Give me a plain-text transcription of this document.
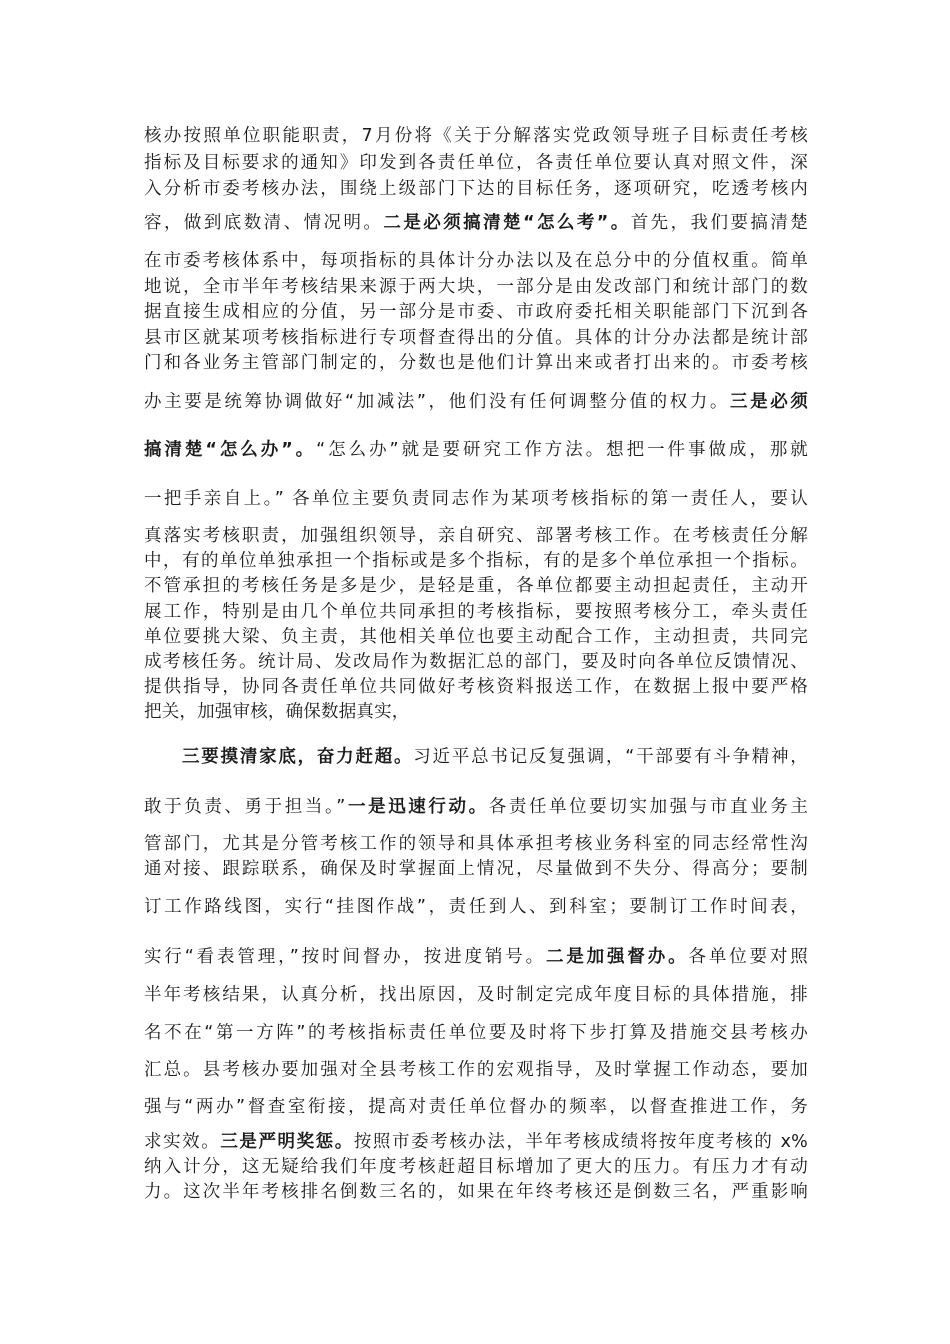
核办按照单位职能职责，7月份将《关于分解落实党政领导班子目标责任考核
指标及目标要求的通知》印发到各责任单位，各责任单位要认真对照文件，深
入分析市委考核办法，围绕上级部门下达的目标任务，逐项研究，吃透考核内
容，做到底数清、情况明。二是必须搞清楚“怎么考”。首先，我们要搞清楚
在市委考核体系中，每项指标的具体计分办法以及在总分中的分值权重。简单
地说，全市半年考核结果来源于两大块，一部分是由发改部门和统计部门的数
据直接生成相应的分值，另一部分是市委、市政府委托相关职能部门下沉到各
县市区就某项考核指标进行专项督查得出的分值。具体的计分办法都是统计部
门和各业务主管部门制定的，分数也是他们计算出来或者打出来的。市委考核
办主要是统筹协调做好“加减法”，他们没有任何调整分值的权力。三是必须
搞清楚“怎么办”。“怎么办”就是要研究工作方法。想把一件事做成，那就
一把手亲自上。” 各单位主要负责同志作为某项考核指标的第一责任人，要认
真落实考核职责，加强组织领导，亲自研究、部署考核工作。在考核责任分解
中，有的单位单独承担一个指标或是多个指标，有的是多个单位承担一个指标。
不管承担的考核任务是多是少，是轻是重，各单位都要主动担起责任，主动开
展工作，特别是由几个单位共同承担的考核指标，要按照考核分工，牵头责任
单位要挑大梁、负主责，其他相关单位也要主动配合工作，主动担责，共同完
成考核任务。统计局、发改局作为数据汇总的部门，要及时向各单位反馈情况、
提供指导，协同各责任单位共同做好考核资料报送工作，在数据上报中要严格
把关，加强审核，确保数据真实，
三要摸清家底，奋力赶超。习近平总书记反复强调，“干部要有斗争精神，
敢于负责、勇于担当。”一是迅速行动。各责任单位要切实加强与市直业务主
管部门，尤其是分管考核工作的领导和具体承担考核业务科室的同志经常性沟
通对接、跟踪联系，确保及时掌握面上情况，尽量做到不失分、得高分；要制
订工作路线图，实行“挂图作战”，责任到人、到科室；要制订工作时间表，
实行“看表管理，”按时间督办，按进度销号。二是加强督办。各单位要对照
半年考核结果，认真分析，找出原因，及时制定完成年度目标的具体措施，排
名不在“第一方阵”的考核指标责任单位要及时将下步打算及措施交县考核办
汇总。县考核办要加强对全县考核工作的宏观指导，及时掌握工作动态，要加
强与“两办”督查室衔接，提高对责任单位督办的频率，以督查推进工作，务
求实效。三是严明奖惩。按照市委考核办法，半年考核成绩将按年度考核的 x%
纳入计分，这无疑给我们年度考核赶超目标增加了更大的压力。有压力才有动
力。这次半年考核排名倒数三名的，如果在年终考核还是倒数三名，严重影响
